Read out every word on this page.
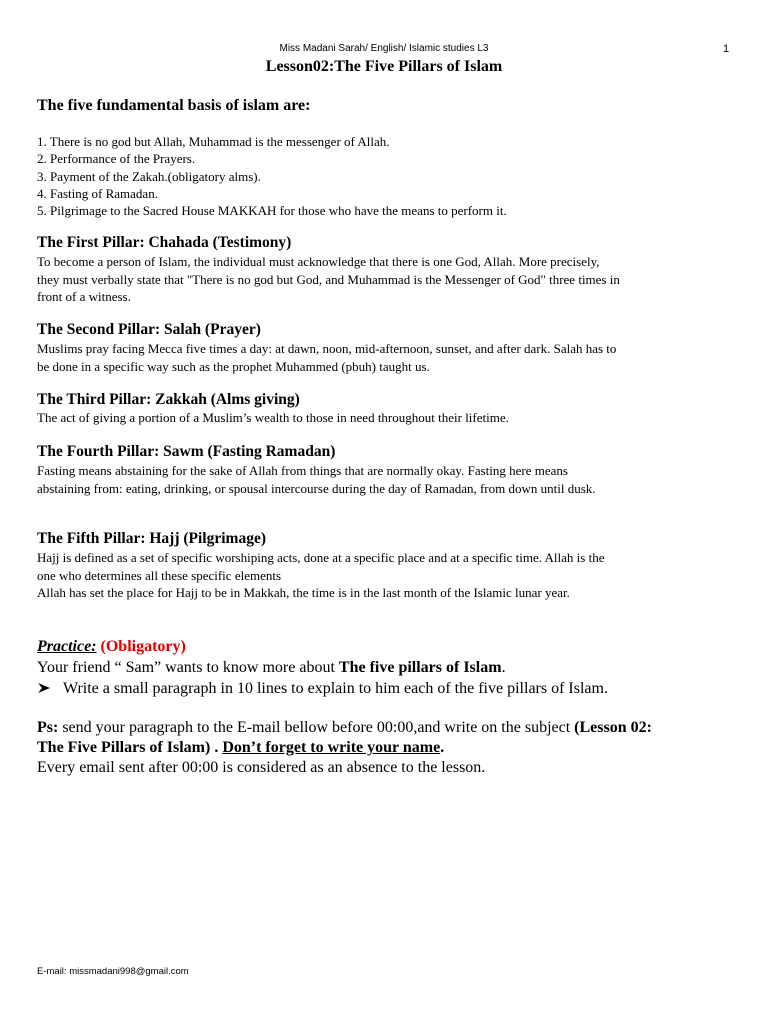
Miss Madani Sarah/ English/ Islamic studies L3	1
Lesson02:The Five Pillars of Islam
The five fundamental basis of islam are:
1. There is no god but Allah, Muhammad is the messenger of Allah.
2. Performance of the Prayers.
3. Payment of the Zakah.(obligatory alms).
4. Fasting of Ramadan.
5. Pilgrimage to the Sacred House MAKKAH for those who have the means to perform it.
The First Pillar: Chahada (Testimony)
To become a person of Islam, the individual must acknowledge that there is one God, Allah. More precisely,
they must verbally state that "There is no god but God, and Muhammad is the Messenger of God" three times in
front of a witness.
The Second Pillar: Salah (Prayer)
Muslims pray facing Mecca five times a day: at dawn, noon, mid-afternoon, sunset, and after dark. Salah has to
be done in a specific way such as the prophet Muhammed (pbuh) taught us.
The Third Pillar: Zakkah (Alms giving)
The act of giving a portion of a Muslim’s wealth to those in need throughout their lifetime.
The Fourth Pillar: Sawm (Fasting Ramadan)
Fasting means abstaining for the sake of Allah from things that are normally okay. Fasting here means
abstaining from: eating, drinking, or spousal intercourse during the day of Ramadan, from down until dusk.
The Fifth Pillar: Hajj (Pilgrimage)
Hajj is defined as a set of specific worshiping acts, done at a specific place and at a specific time. Allah is the
one who determines all these specific elements
Allah has set the place for Hajj to be in Makkah, the time is in the last month of the Islamic lunar year.
Practice: (Obligatory)
Your friend “ Sam” wants to know more about The five pillars of Islam.
Write a small paragraph in 10 lines to explain to him each of the five pillars of Islam.
Ps: send your paragraph to the E-mail bellow before 00:00,and write on the subject (Lesson 02:
The Five Pillars of Islam) . Don’t forget to write your name.
Every email sent after 00:00 is considered as an absence to the lesson.
E-mail: missmadani998@gmail.com
